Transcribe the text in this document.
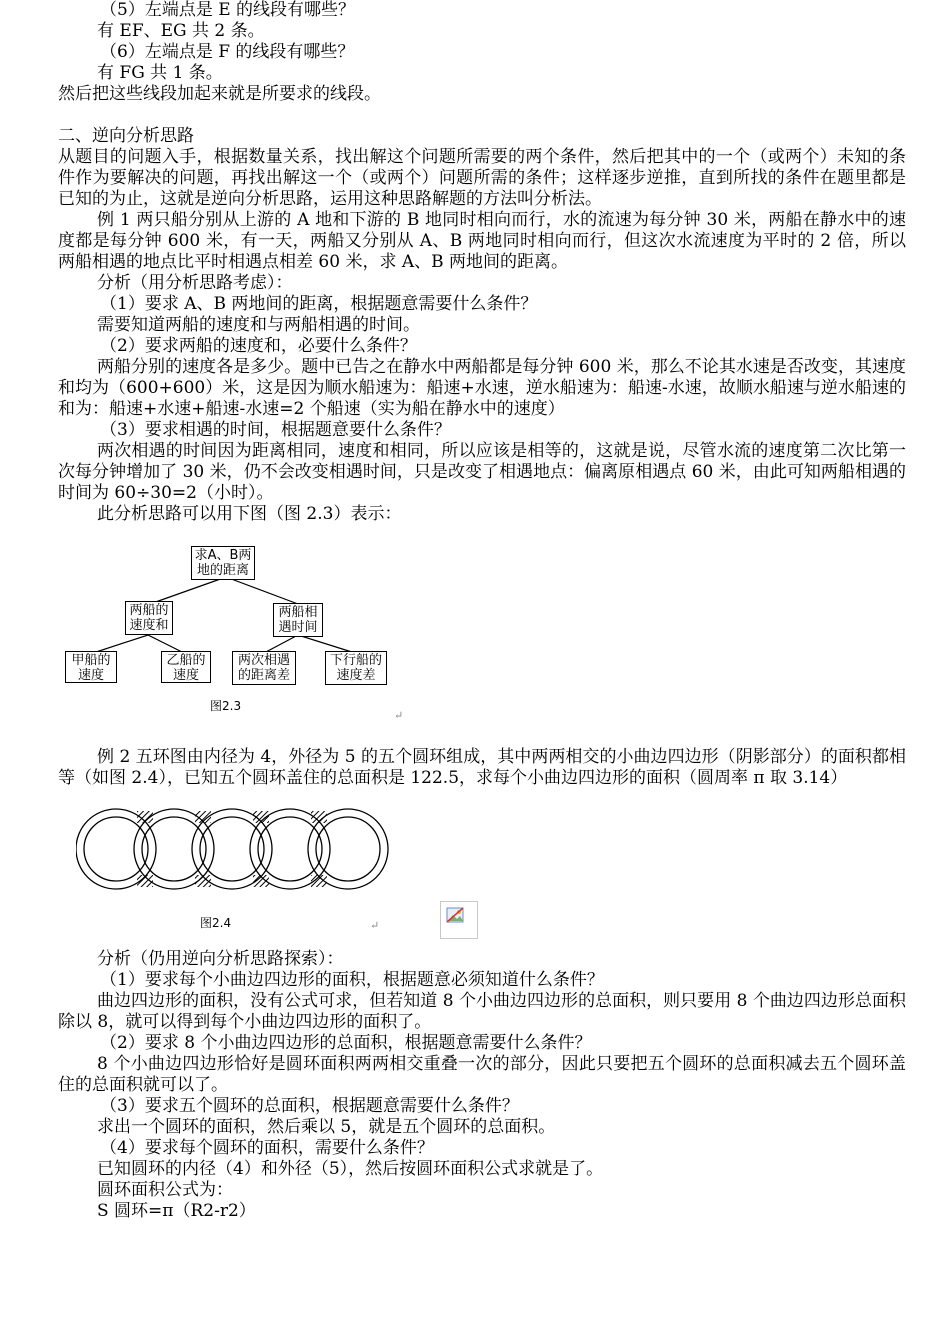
（5）左端点是 E 的线段有哪些？
有 EF、EG 共 2 条。
（6）左端点是 F 的线段有哪些？
有 FG 共 1 条。
然后把这些线段加起来就是所要求的线段。
二、逆向分析思路
从题目的问题入手，根据数量关系，找出解这个问题所需要的两个条件，然后把其中的一个（或两个）未知的条件作为要解决的问题，再找出解这一个（或两个）问题所需的条件；这样逐步逆推，直到所找的条件在题里都是已知的为止，这就是逆向分析思路，运用这种思路解题的方法叫分析法。
例 1 两只船分别从上游的 A 地和下游的 B 地同时相向而行，水的流速为每分钟 30 米，两船在静水中的速度都是每分钟 600 米，有一天，两船又分别从 A、B 两地同时相向而行，但这次水流速度为平时的 2 倍，所以两船相遇的地点比平时相遇点相差 60 米，求 A、B 两地间的距离。
分析（用分析思路考虑）：
（1）要求 A、B 两地间的距离，根据题意需要什么条件？
需要知道两船的速度和与两船相遇的时间。
（2）要求两船的速度和，必要什么条件？
两船分别的速度各是多少。题中已告之在静水中两船都是每分钟 600 米，那么不论其水速是否改变，其速度和均为（600+600）米，这是因为顺水船速为：船速+水速，逆水船速为：船速-水速，故顺水船速与逆水船速的和为：船速+水速+船速-水速=2 个船速（实为船在静水中的速度）
（3）要求相遇的时间，根据题意要什么条件？
两次相遇的时间因为距离相同，速度和相同，所以应该是相等的，这就是说，尽管水流的速度第二次比第一次每分钟增加了 30 米，仍不会改变相遇时间，只是改变了相遇地点：偏离原相遇点 60 米，由此可知两船相遇的时间为 60÷30=2（小时）。
此分析思路可以用下图（图 2.3）表示：
求A、B两地的距离
两船的速度和
两船相遇时间
甲船的速度
乙船的速度
两次相遇的距离差
下行船的速度差
图2.3
↵
例 2 五环图由内径为 4，外径为 5 的五个圆环组成，其中两两相交的小曲边四边形（阴影部分）的面积都相等（如图 2.4），已知五个圆环盖住的总面积是 122.5，求每个小曲边四边形的面积（圆周率 π 取 3.14）
图2.4	↵
分析（仍用逆向分析思路探索）：
（1）要求每个小曲边四边形的面积，根据题意必须知道什么条件？
曲边四边形的面积，没有公式可求，但若知道 8 个小曲边四边形的总面积，则只要用 8 个曲边四边形总面积除以 8，就可以得到每个小曲边四边形的面积了。
（2）要求 8 个小曲边四边形的总面积，根据题意需要什么条件？
8 个小曲边四边形恰好是圆环面积两两相交重叠一次的部分，因此只要把五个圆环的总面积减去五个圆环盖住的总面积就可以了。
（3）要求五个圆环的总面积，根据题意需要什么条件？
求出一个圆环的面积，然后乘以 5，就是五个圆环的总面积。
（4）要求每个圆环的面积，需要什么条件？
已知圆环的内径（4）和外径（5），然后按圆环面积公式求就是了。
圆环面积公式为：
S 圆环=π（R2-r2）
